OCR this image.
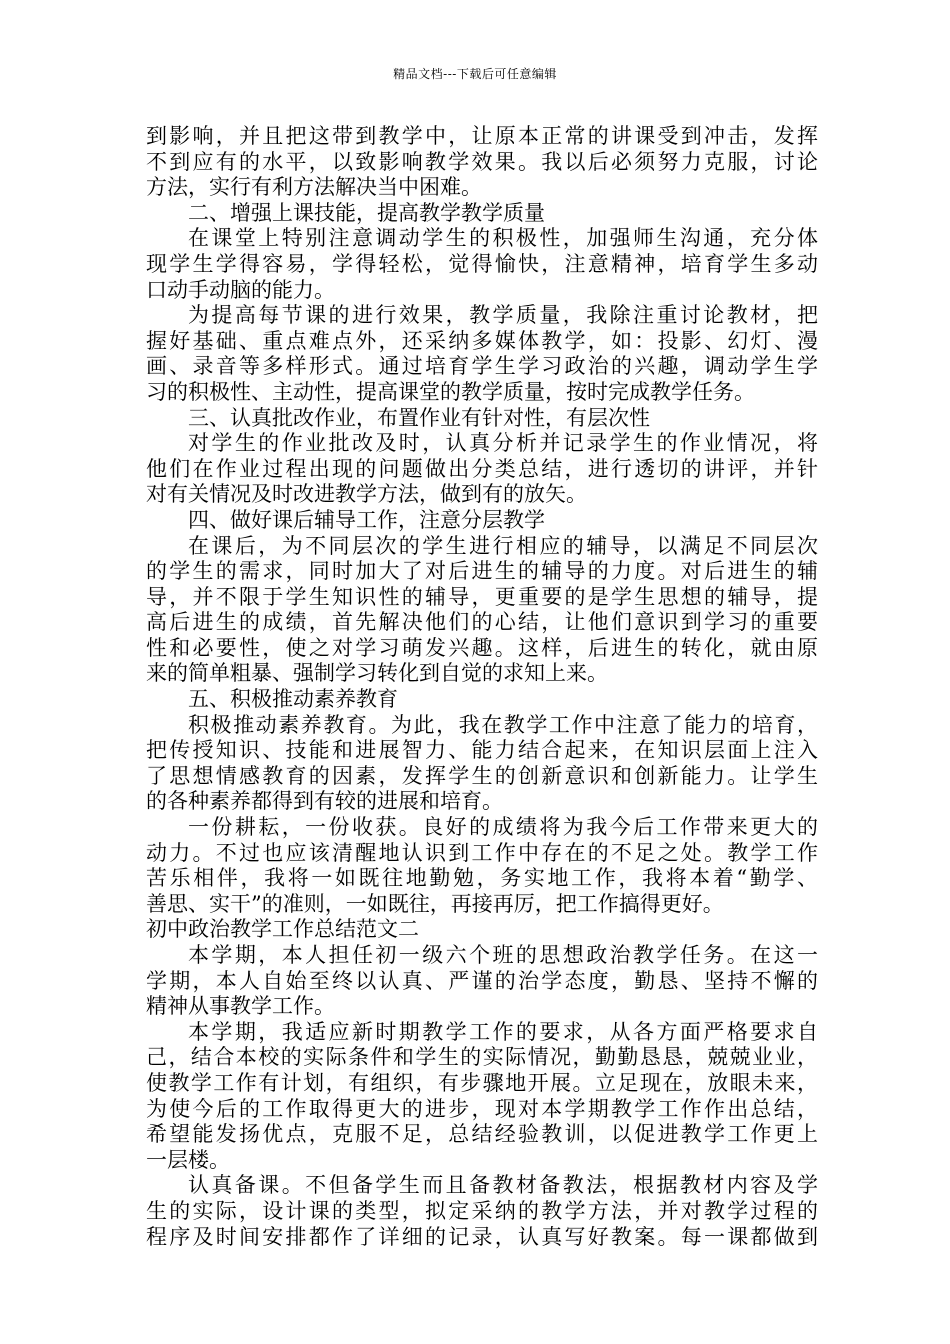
精品文档---下载后可任意编辑
到影响，并且把这带到教学中，让原本正常的讲课受到冲击，发挥
不到应有的水平，以致影响教学效果。我以后必须努力克服，讨论
方法，实行有利方法解决当中困难。
二、增强上课技能，提高教学教学质量
在课堂上特别注意调动学生的积极性，加强师生沟通，充分体
现学生学得容易，学得轻松，觉得愉快，注意精神，培育学生多动
口动手动脑的能力。
为提高每节课的进行效果，教学质量，我除注重讨论教材，把
握好基础、重点难点外，还采纳多媒体教学，如：投影、幻灯、漫
画、录音等多样形式。通过培育学生学习政治的兴趣，调动学生学
习的积极性、主动性，提高课堂的教学质量，按时完成教学任务。
三、认真批改作业，布置作业有针对性，有层次性
对学生的作业批改及时，认真分析并记录学生的作业情况，将
他们在作业过程出现的问题做出分类总结，进行透切的讲评，并针
对有关情况及时改进教学方法，做到有的放矢。
四、做好课后辅导工作，注意分层教学
在课后，为不同层次的学生进行相应的辅导，以满足不同层次
的学生的需求，同时加大了对后进生的辅导的力度。对后进生的辅
导，并不限于学生知识性的辅导，更重要的是学生思想的辅导，提
高后进生的成绩，首先解决他们的心结，让他们意识到学习的重要
性和必要性，使之对学习萌发兴趣。这样，后进生的转化，就由原
来的简单粗暴、强制学习转化到自觉的求知上来。
五、积极推动素养教育
积极推动素养教育。为此，我在教学工作中注意了能力的培育，
把传授知识、技能和进展智力、能力结合起来，在知识层面上注入
了思想情感教育的因素，发挥学生的创新意识和创新能力。让学生
的各种素养都得到有较的进展和培育。
一份耕耘，一份收获。良好的成绩将为我今后工作带来更大的
动力。不过也应该清醒地认识到工作中存在的不足之处。教学工作
苦乐相伴，我将一如既往地勤勉，务实地工作，我将本着“勤学、
善思、实干”的准则，一如既往，再接再厉，把工作搞得更好。
初中政治教学工作总结范文二
本学期，本人担任初一级六个班的思想政治教学任务。在这一
学期，本人自始至终以认真、严谨的治学态度，勤恳、坚持不懈的
精神从事教学工作。
本学期，我适应新时期教学工作的要求，从各方面严格要求自
己，结合本校的实际条件和学生的实际情况，勤勤恳恳，兢兢业业，
使教学工作有计划，有组织，有步骤地开展。立足现在，放眼未来，
为使今后的工作取得更大的进步，现对本学期教学工作作出总结，
希望能发扬优点，克服不足，总结经验教训，以促进教学工作更上
一层楼。
认真备课。不但备学生而且备教材备教法，根据教材内容及学
生的实际，设计课的类型，拟定采纳的教学方法，并对教学过程的
程序及时间安排都作了详细的记录，认真写好教案。每一课都做到
